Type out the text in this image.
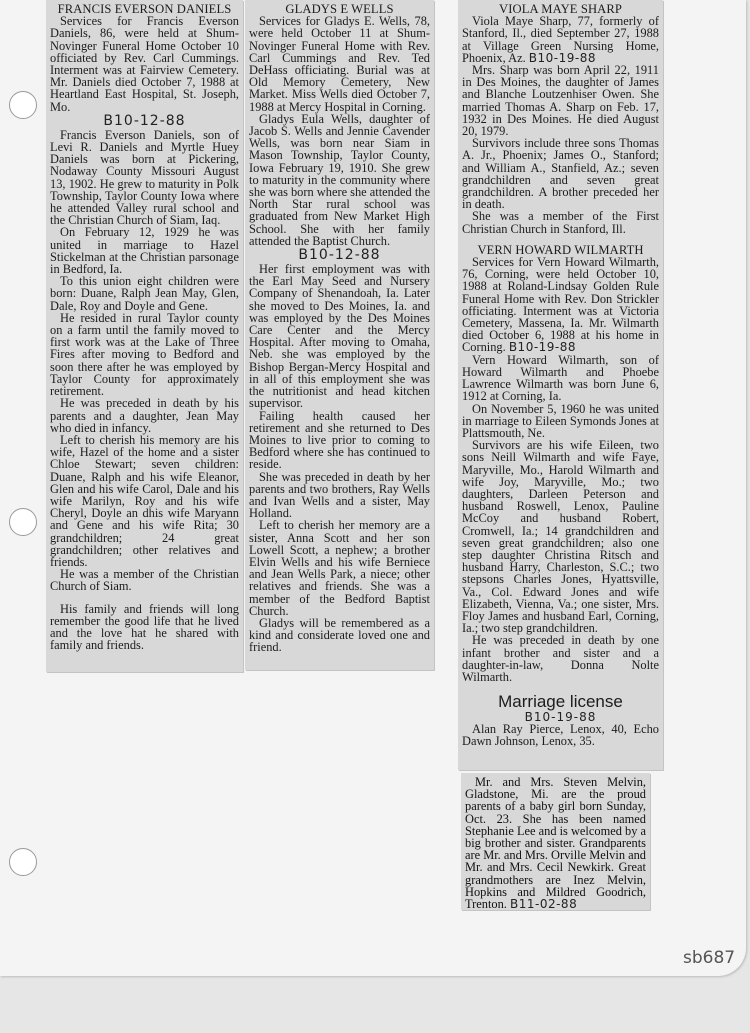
FRANCIS EVERSON DANIELS

Services for Francis Everson Daniels, 86, were held at Shum-Novinger Funeral Home October 10 officiated by Rev. Carl Cummings. Interment was at Fairview Cemetery. Mr. Daniels died October 7, 1988 at Heartland East Hospital, St. Joseph, Mo.

B10-12-88

Francis Everson Daniels, son of Levi R. Daniels and Myrtle Huey Daniels was born at Pickering, Nodaway County Missouri August 13, 1902. He grew to maturity in Polk Township, Taylor County Iowa where he attended Valley rural school and the Christian Church of Siam, Iaq.

On February 12, 1929 he was united in marriage to Hazel Stickelman at the Christian parsonage in Bedford, Ia.

To this union eight children were born: Duane, Ralph Jean May, Glen, Dale, Roy and Doyle and Gene.

He resided in rural Taylor county on a farm until the family moved to first work was at the Lake of Three Fires after moving to Bedford and soon there after he was employed by Taylor County for approximately retirement.

He was preceded in death by his parents and a daughter, Jean May who died in infancy.

Left to cherish his memory are his wife, Hazel of the home and a sister Chloe Stewart; seven children: Duane, Ralph and his wife Eleanor, Glen and his wife Carol, Dale and his wife Marilyn, Roy and his wife Cheryl, Doyle an dhis wife Maryann and Gene and his wife Rita; 30 grandchildren; 24 great grandchildren; other relatives and friends.

He was a member of the Christian Church of Siam.

His family and friends will long remember the good life that he lived and the love hat he shared with family and friends.

GLADYS E WELLS

Services for Gladys E. Wells, 78, were held October 11 at Shum-Novinger Funeral Home with Rev. Carl Cummings and Rev. Ted DeHass officiating. Burial was at Old Memory Cemetery, New Market. Miss Wells died October 7, 1988 at Mercy Hospital in Corning.

Gladys Eula Wells, daughter of Jacob S. Wells and Jennie Cavender Wells, was born near Siam in Mason Township, Taylor County, Iowa February 19, 1910. She grew to maturity in the community where she was born where she attended the North Star rural school was graduated from New Market High School. She with her family attended the Baptist Church.

B10-12-88

Her first employment was with the Earl May Seed and Nursery Company of Shenandoah, Ia. Later she moved to Des Moines, Ia. and was employed by the Des Moines Care Center and the Mercy Hospital. After moving to Omaha, Neb. she was employed by the Bishop Bergan-Mercy Hospital and in all of this employment she was the nutritionist and head kitchen supervisor.

Failing health caused her retirement and she returned to Des Moines to live prior to coming to Bedford where she has continued to reside.

She was preceded in death by her parents and two brothers, Ray Wells and Ivan Wells and a sister, May Holland.

Left to cherish her memory are a sister, Anna Scott and her son Lowell Scott, a nephew; a brother Elvin Wells and his wife Berniece and Jean Wells Park, a niece; other relatives and friends. She was a member of the Bedford Baptist Church.

Gladys will be remembered as a kind and considerate loved one and friend.

VIOLA MAYE SHARP

Viola Maye Sharp, 77, formerly of Stanford, Il., died September 27, 1988 at Village Green Nursing Home, Phoenix, Az. B10-19-88

Mrs. Sharp was born April 22, 1911 in Des Moines, the daughter of James and Blanche Loutzenhiser Owen. She married Thomas A. Sharp on Feb. 17, 1932 in Des Moines. He died August 20, 1979.

Survivors include three sons Thomas A. Jr., Phoenix; James O., Stanford; and William A., Stanfield, Az.; seven grandchildren and seven great grandchildren. A brother preceded her in death.

She was a member of the First Christian Church in Stanford, Ill.

VERN HOWARD WILMARTH

Services for Vern Howard Wilmarth, 76, Corning, were held October 10, 1988 at Roland-Lindsay Golden Rule Funeral Home with Rev. Don Strickler officiating. Interment was at Victoria Cemetery, Massena, Ia. Mr. Wilmarth died October 6, 1988 at his home in Corning. B10-19-88

Vern Howard Wilmarth, son of Howard Wilmarth and Phoebe Lawrence Wilmarth was born June 6, 1912 at Corning, Ia.

On November 5, 1960 he was united in marriage to Eileen Symonds Jones at Plattsmouth, Ne.

Survivors are his wife Eileen, two sons Neill Wilmarth and wife Faye, Maryville, Mo., Harold Wilmarth and wife Joy, Maryville, Mo.; two daughters, Darleen Peterson and husband Roswell, Lenox, Pauline McCoy and husband Robert, Cromwell, Ia.; 14 grandchildren and seven great grandchildren; also one step daughter Christina Ritsch and husband Harry, Charleston, S.C.; two stepsons Charles Jones, Hyattsville, Va., Col. Edward Jones and wife Elizabeth, Vienna, Va.; one sister, Mrs. Floy James and husband Earl, Corning, Ia.; two step grandchildren.

He was preceded in death by one infant brother and sister and a daughter-in-law, Donna Nolte Wilmarth.

Marriage license
B10-19-88

Alan Ray Pierce, Lenox, 40, Echo Dawn Johnson, Lenox, 35.

Mr. and Mrs. Steven Melvin, Gladstone, Mi. are the proud parents of a baby girl born Sunday, Oct. 23. She has been named Stephanie Lee and is welcomed by a big brother and sister. Grandparents are Mr. and Mrs. Orville Melvin and Mr. and Mrs. Cecil Newkirk. Great grandmothers are Inez Melvin, Hopkins and Mildred Goodrich, Trenton. B11-02-88

sb687
